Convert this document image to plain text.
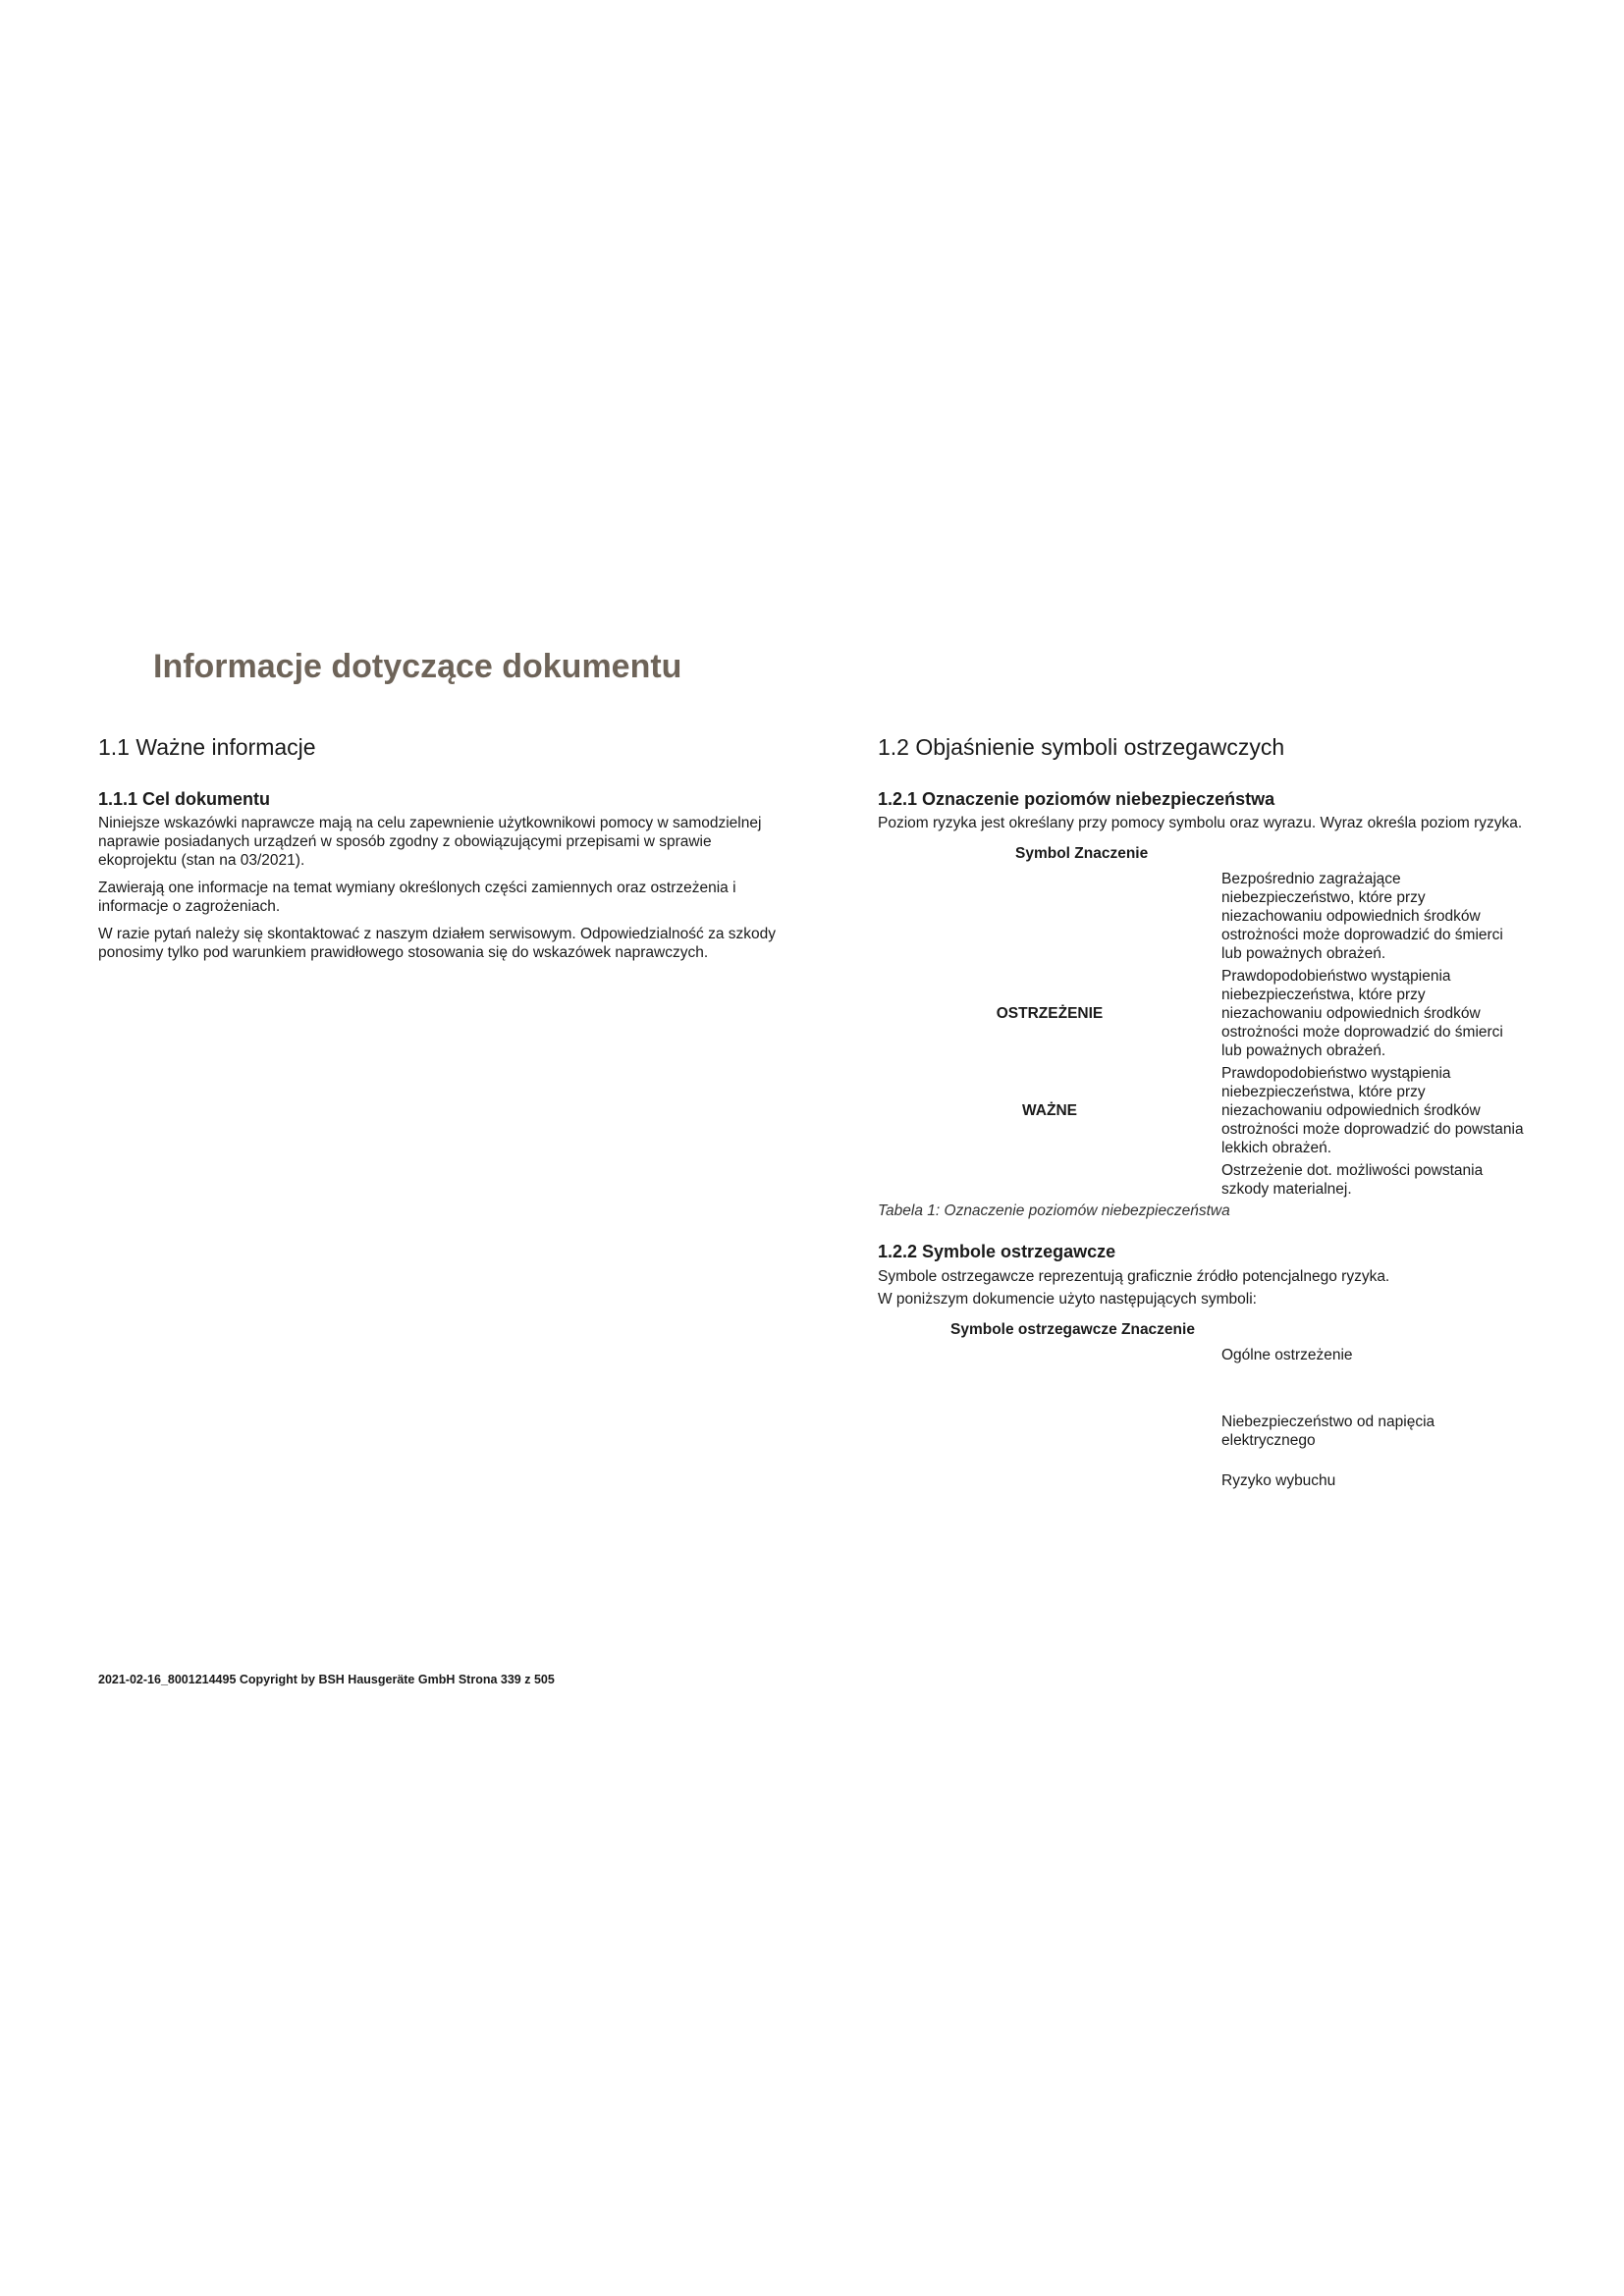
Informacje dotyczące dokumentu
1.1 Ważne informacje
1.1.1 Cel dokumentu

Niniejsze wskazówki naprawcze mają na celu zapewnienie użytkownikowi pomocy w samodzielnej naprawie posiadanych urządzeń w sposób zgodny z obowiązującymi przepisami w sprawie ekoprojektu (stan na 03/2021).

Zawierają one informacje na temat wymiany określonych części zamiennych oraz ostrzeżenia i informacje o zagrożeniach.

W razie pytań należy się skontaktować z naszym działem serwisowym. Odpowiedzialność za szkody ponosimy tylko pod warunkiem prawidłowego stosowania się do wskazówek naprawczych.

1.2 Objaśnienie symboli ostrzegawczych
1.2.1 Oznaczenie poziomów niebezpieczeństwa

Poziom ryzyka jest określany przy pomocy symbolu oraz wyrazu. Wyraz określa poziom ryzyka.

Symbol Znaczenie
Bezpośrednio zagrażające niebezpieczeństwo, które przy niezachowaniu odpowiednich środków ostrożności może doprowadzić do śmierci lub poważnych obrażeń.
OSTRZEŻENIE
Prawdopodobieństwo wystąpienia niebezpieczeństwa, które przy niezachowaniu odpowiednich środków ostrożności może doprowadzić do śmierci lub poważnych obrażeń.
WAŻNE
Prawdopodobieństwo wystąpienia niebezpieczeństwa, które przy niezachowaniu odpowiednich środków ostrożności może doprowadzić do powstania lekkich obrażeń.
Ostrzeżenie dot. możliwości powstania szkody materialnej.

Tabela 1: Oznaczenie poziomów niebezpieczeństwa

1.2.2 Symbole ostrzegawcze

Symbole ostrzegawcze reprezentują graficznie źródło potencjalnego ryzyka.

W poniższym dokumencie użyto następujących symboli:

Symbole ostrzegawcze Znaczenie
Ogólne ostrzeżenie
Niebezpieczeństwo od napięcia elektrycznego
Ryzyko wybuchu
2021-02-16_8001214495 Copyright by BSH Hausgeräte GmbH Strona 339 z 505
